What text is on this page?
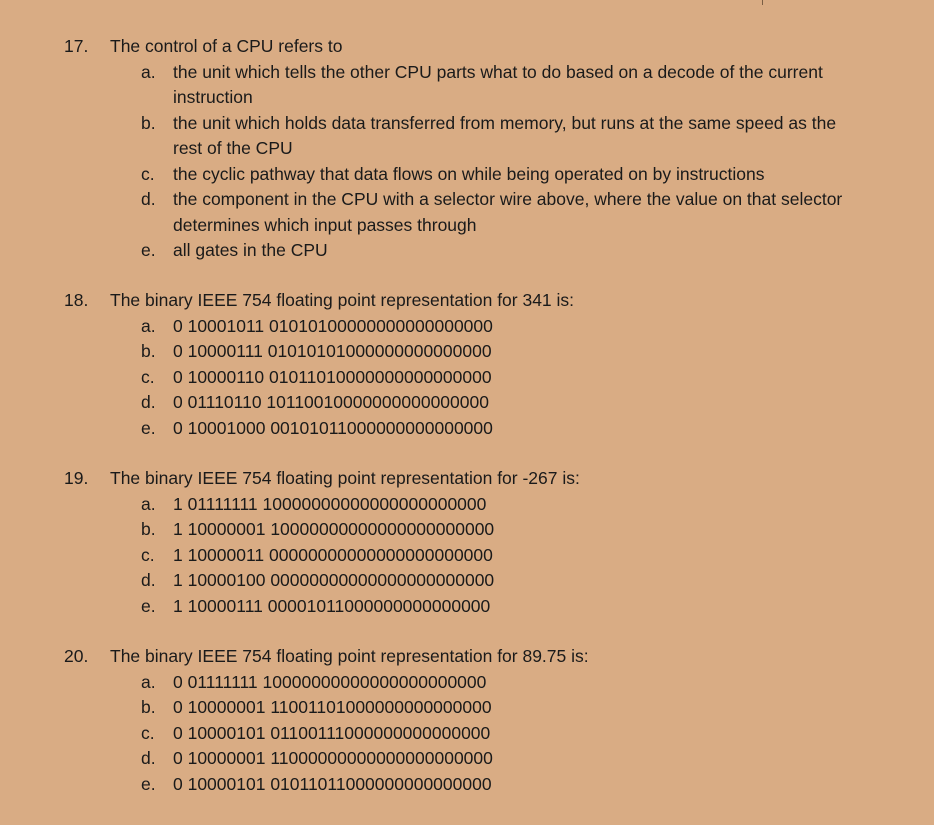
17. The control of a CPU refers to
a. the unit which tells the other CPU parts what to do based on a decode of the current instruction
b. the unit which holds data transferred from memory, but runs at the same speed as the rest of the CPU
c. the cyclic pathway that data flows on while being operated on by instructions
d. the component in the CPU with a selector wire above, where the value on that selector determines which input passes through
e. all gates in the CPU
18. The binary IEEE 754 floating point representation for 341 is:
a. 0 10001011 01010100000000000000000
b. 0 10000111 01010101000000000000000
c. 0 10000110 01011010000000000000000
d. 0 01110110 10110010000000000000000
e. 0 10001000 00101011000000000000000
19. The binary IEEE 754 floating point representation for -267 is:
a. 1 01111111 10000000000000000000000
b. 1 10000001 10000000000000000000000
c. 1 10000011 00000000000000000000000
d. 1 10000100 00000000000000000000000
e. 1 10000111 00001011000000000000000
20. The binary IEEE 754 floating point representation for 89.75 is:
a. 0 01111111 10000000000000000000000
b. 0 10000001 11001101000000000000000
c. 0 10000101 01100111000000000000000
d. 0 10000001 11000000000000000000000
e. 0 10000101 01011011000000000000000
